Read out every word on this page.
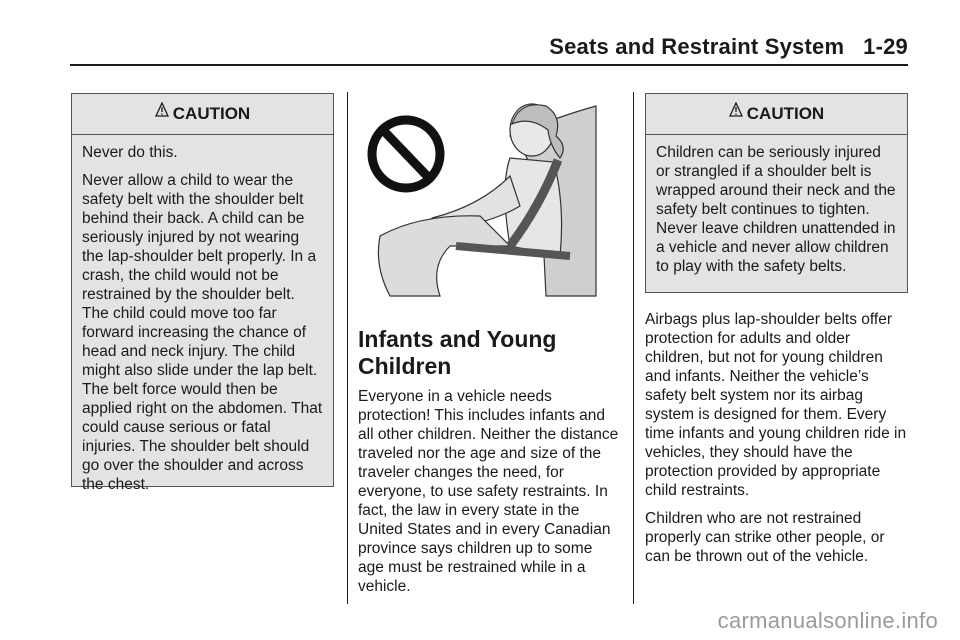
Seats and Restraint System   1-29
CAUTION

Never do this.

Never allow a child to wear the safety belt with the shoulder belt behind their back. A child can be seriously injured by not wearing the lap-shoulder belt properly. In a crash, the child would not be restrained by the shoulder belt. The child could move too far forward increasing the chance of head and neck injury. The child might also slide under the lap belt. The belt force would then be applied right on the abdomen. That could cause serious or fatal injuries. The shoulder belt should go over the shoulder and across the chest.

Infants and Young Children

Everyone in a vehicle needs protection! This includes infants and all other children. Neither the distance traveled nor the age and size of the traveler changes the need, for everyone, to use safety restraints. In fact, the law in every state in the United States and in every Canadian province says children up to some age must be restrained while in a vehicle.

CAUTION

Children can be seriously injured or strangled if a shoulder belt is wrapped around their neck and the safety belt continues to tighten. Never leave children unattended in a vehicle and never allow children to play with the safety belts.

Airbags plus lap-shoulder belts offer protection for adults and older children, but not for young children and infants. Neither the vehicle’s safety belt system nor its airbag system is designed for them. Every time infants and young children ride in vehicles, they should have the protection provided by appropriate child restraints.

Children who are not restrained properly can strike other people, or can be thrown out of the vehicle.

carmanualsonline.info
